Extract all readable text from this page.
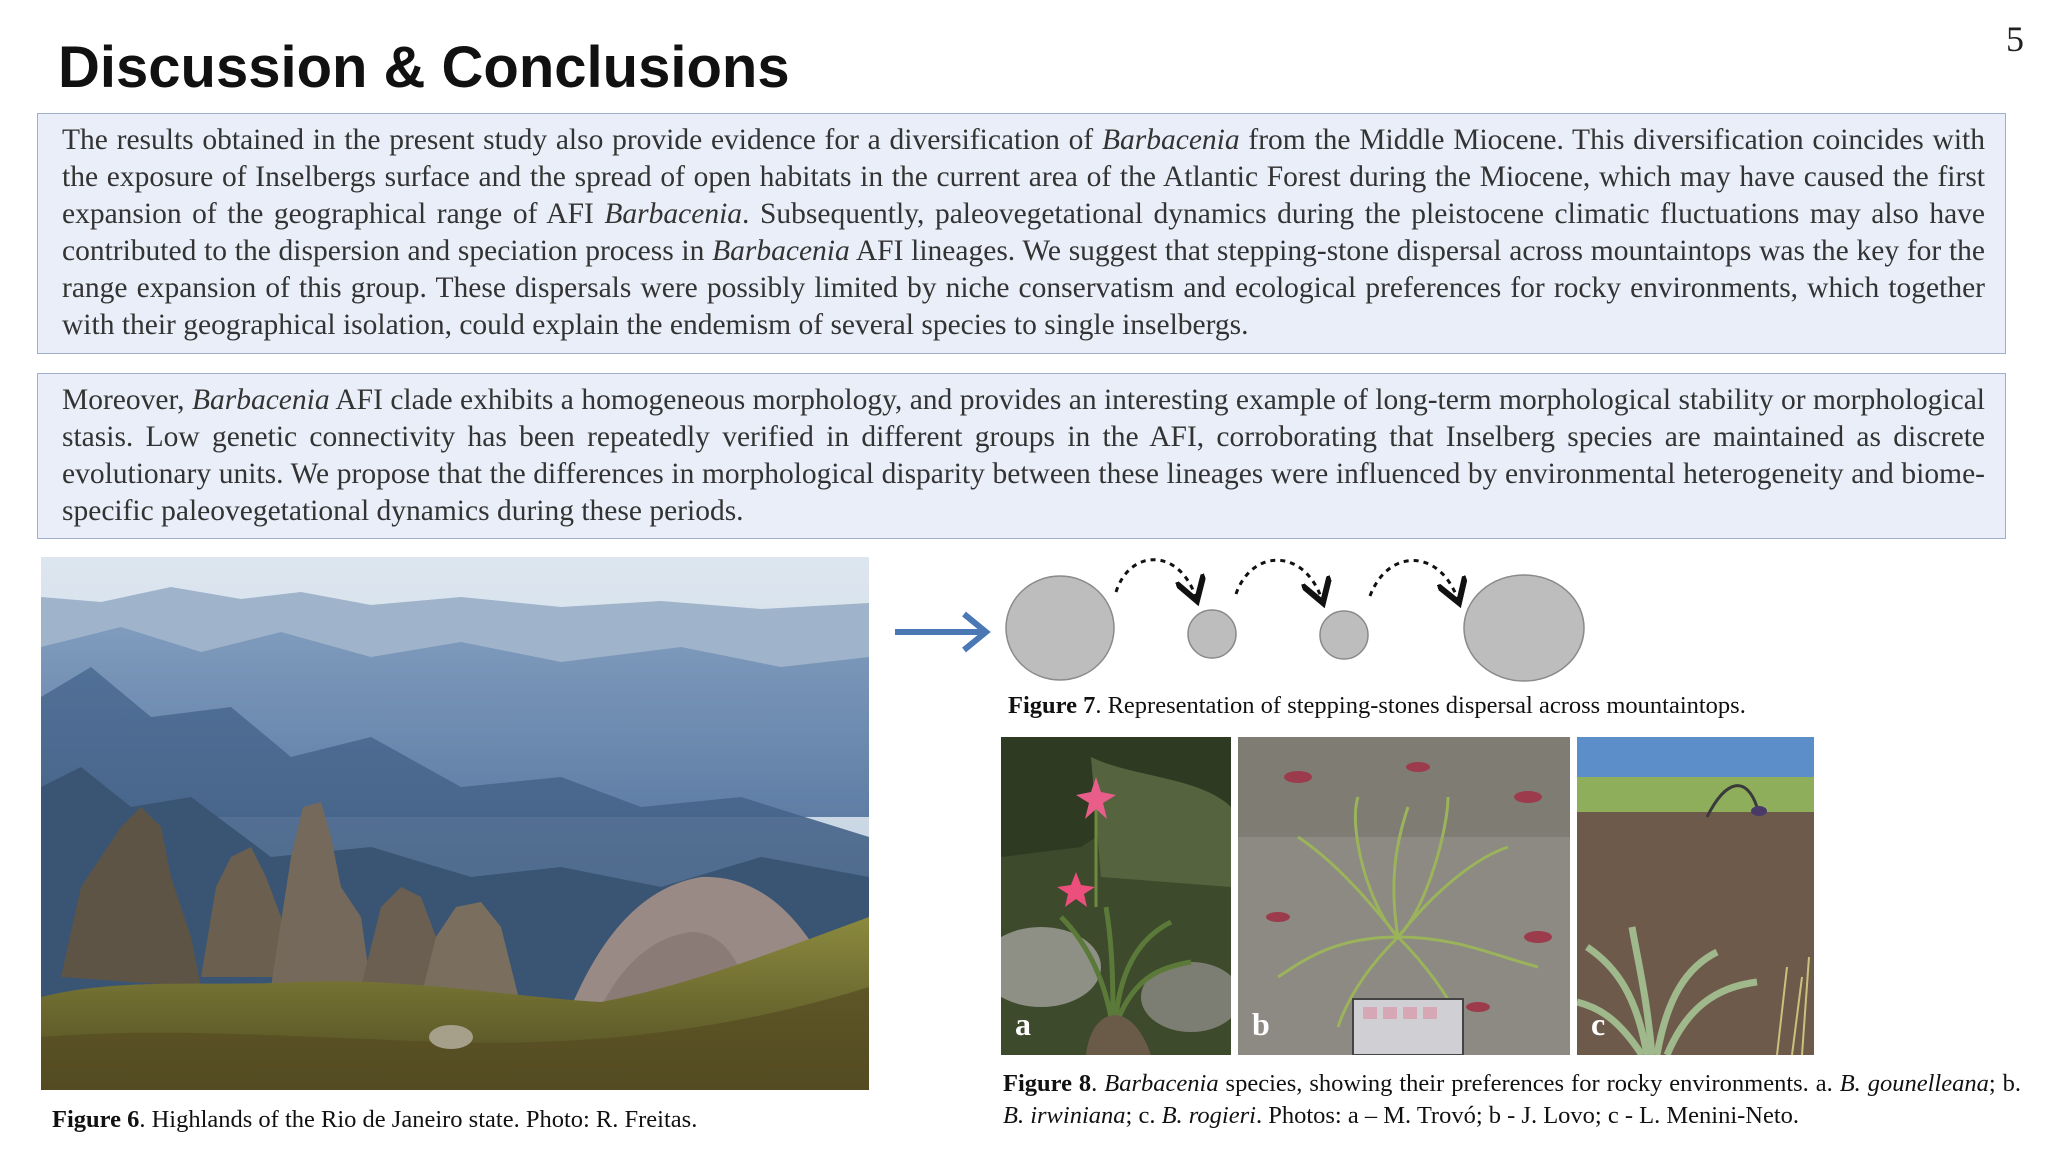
5
Discussion & Conclusions
The results obtained in the present study also provide evidence for a diversification of Barbacenia from the Middle Miocene. This diversification coincides with the exposure of Inselbergs surface and the spread of open habitats in the current area of the Atlantic Forest during the Miocene, which may have caused the first expansion of the geographical range of AFI Barbacenia. Subsequently, paleovegetational dynamics during the pleistocene climatic fluctuations may also have contributed to the dispersion and speciation process in Barbacenia AFI lineages. We suggest that stepping-stone dispersal across mountaintops was the key for the range expansion of this group. These dispersals were possibly limited by niche conservatism and ecological preferences for rocky environments, which together with their geographical isolation, could explain the endemism of several species to single inselbergs.
Moreover, Barbacenia AFI clade exhibits a homogeneous morphology, and provides an interesting example of long-term morphological stability or morphological stasis. Low genetic connectivity has been repeatedly verified in different groups in the AFI, corroborating that Inselberg species are maintained as discrete evolutionary units. We propose that the differences in morphological disparity between these lineages were influenced by environmental heterogeneity and biome-specific paleovegetational dynamics during these periods.
Figure 6. Highlands of the Rio de Janeiro state. Photo: R. Freitas.
Figure 7. Representation of stepping-stones dispersal across mountaintops.
a	b	c
Figure 8. Barbacenia species, showing their preferences for rocky environments. a. B. gounelleana; b. B. irwiniana; c. B. rogieri. Photos: a – M. Trovó; b - J. Lovo; c - L. Menini-Neto.
